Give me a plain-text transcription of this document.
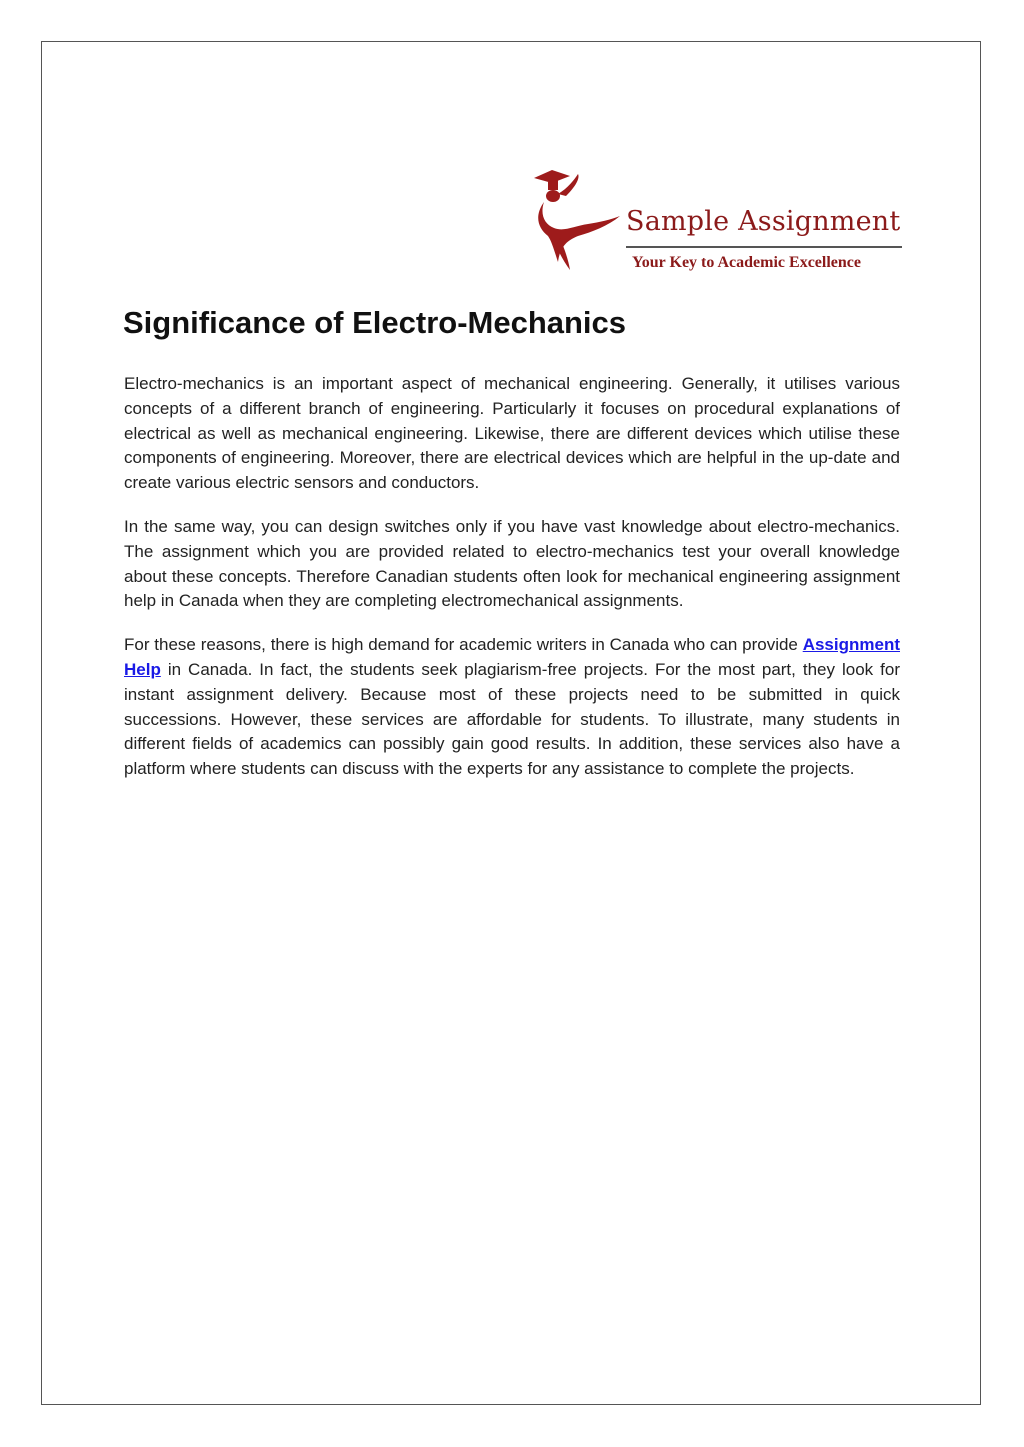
Sample Assignment
Your Key to Academic Excellence
Significance of Electro-Mechanics

Electro-mechanics is an important aspect of mechanical engineering. Generally, it utilises various concepts of a different branch of engineering. Particularly it focuses on procedural explanations of electrical as well as mechanical engineering. Likewise, there are different devices which utilise these components of engineering. Moreover, there are electrical devices which are helpful in the up-date and create various electric sensors and conductors.

In the same way, you can design switches only if you have vast knowledge about electro-mechanics. The assignment which you are provided related to electro-mechanics test your overall knowledge about these concepts. Therefore Canadian students often look for mechanical engineering assignment help in Canada when they are completing electromechanical assignments.

For these reasons, there is high demand for academic writers in Canada who can provide Assignment Help in Canada. In fact, the students seek plagiarism-free projects. For the most part, they look for instant assignment delivery. Because most of these projects need to be submitted in quick successions. However, these services are affordable for students. To illustrate, many students in different fields of academics can possibly gain good results. In addition, these services also have a platform where students can discuss with the experts for any assistance to complete the projects.
